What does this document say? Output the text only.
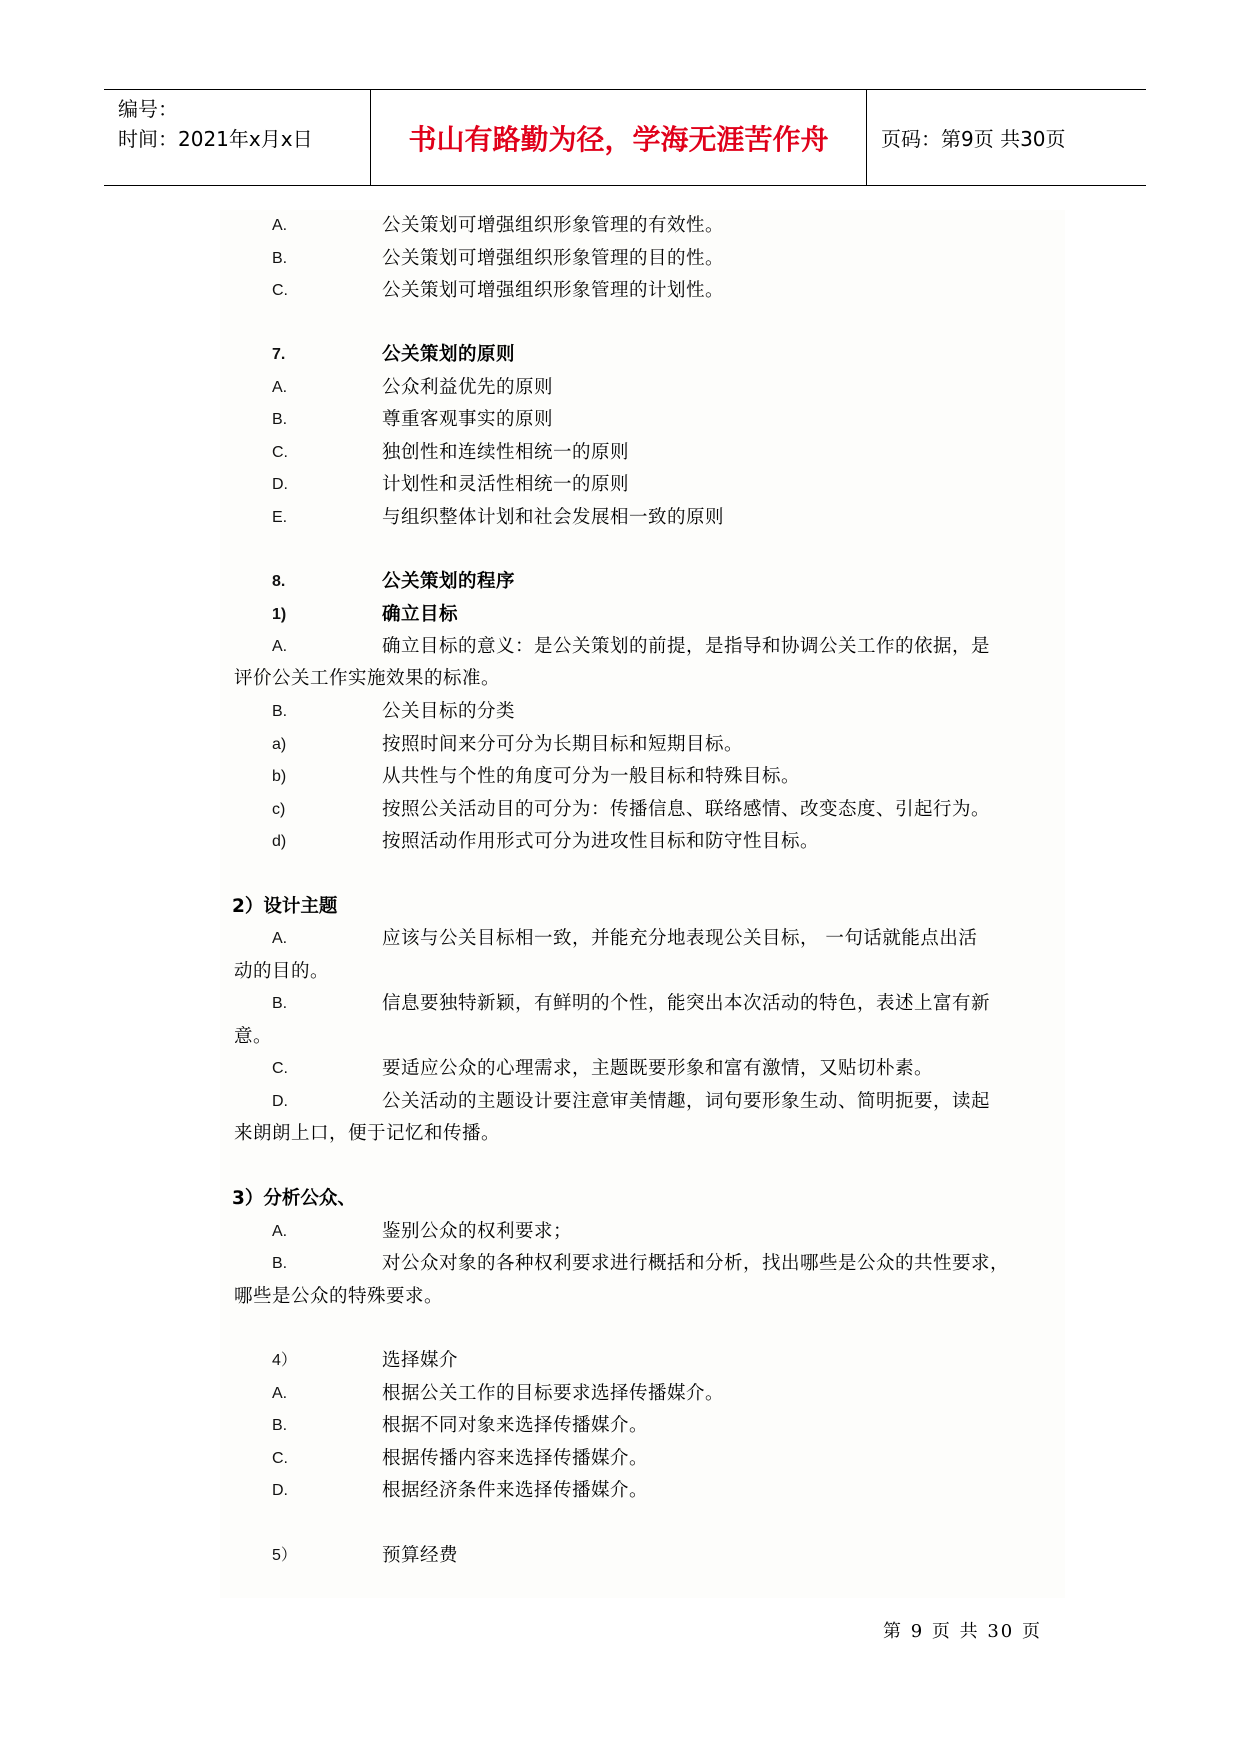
编号：
时间：2021年x月x日	书山有路勤为径，学海无涯苦作舟	页码：第9页 共30页
A.	公关策划可增强组织形象管理的有效性。
B.	公关策划可增强组织形象管理的目的性。
C.	公关策划可增强组织形象管理的计划性。
7.	公关策划的原则
A.	公众利益优先的原则
B.	尊重客观事实的原则
C.	独创性和连续性相统一的原则
D.	计划性和灵活性相统一的原则
E.	与组织整体计划和社会发展相一致的原则
8.	公关策划的程序
1)	确立目标
A.	确立目标的意义：是公关策划的前提，是指导和协调公关工作的依据，是
评价公关工作实施效果的标准。
B.	公关目标的分类
a)	按照时间来分可分为长期目标和短期目标。
b)	从共性与个性的角度可分为一般目标和特殊目标。
c)	按照公关活动目的可分为：传播信息、联络感情、改变态度、引起行为。
d)	按照活动作用形式可分为进攻性目标和防守性目标。
2）设计主题
A.	应该与公关目标相一致，并能充分地表现公关目标， 一句话就能点出活
动的目的。
B.	信息要独特新颖，有鲜明的个性，能突出本次活动的特色，表述上富有新
意。
C.	要适应公众的心理需求，主题既要形象和富有激情，又贴切朴素。
D.	公关活动的主题设计要注意审美情趣，词句要形象生动、简明扼要，读起
来朗朗上口，便于记忆和传播。
3）分析公众、
A.	鉴别公众的权利要求；
B.	对公众对象的各种权利要求进行概括和分析，找出哪些是公众的共性要求，
哪些是公众的特殊要求。
4）	选择媒介
A.	根据公关工作的目标要求选择传播媒介。
B.	根据不同对象来选择传播媒介。
C.	根据传播内容来选择传播媒介。
D.	根据经济条件来选择传播媒介。
5）	预算经费
第 9 页 共 30 页
